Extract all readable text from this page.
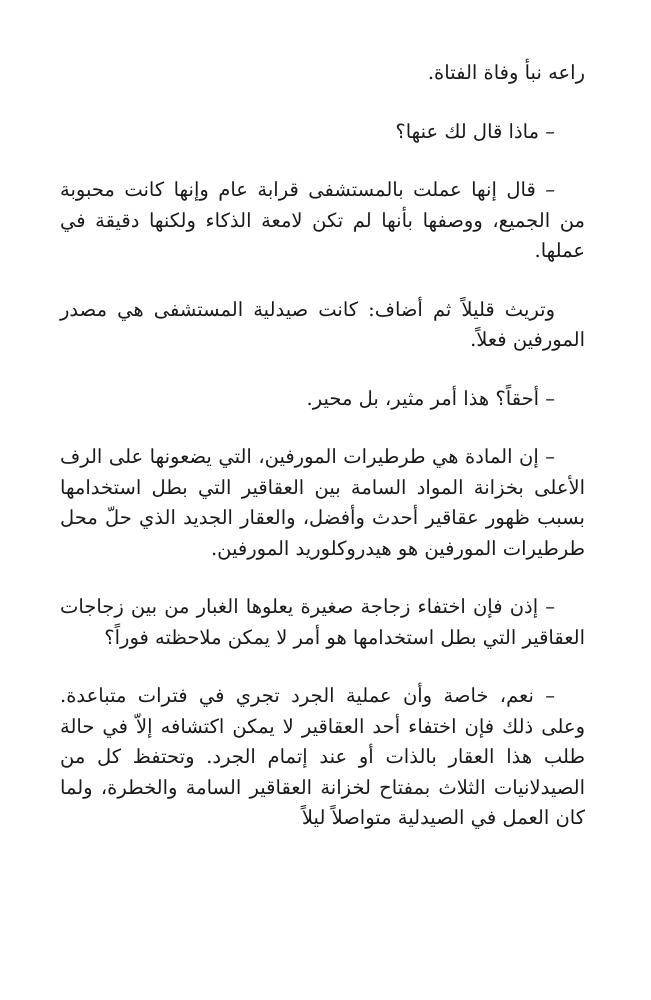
راعه نبأ وفاة الفتاة.

– ماذا قال لك عنها؟

– قال إنها عملت بالمستشفى قرابة عام وإنها كانت محبوبة من الجميع، ووصفها بأنها لم تكن لامعة الذكاء ولكنها دقيقة في عملها.

وتريث قليلاً ثم أضاف: كانت صيدلية المستشفى هي مصدر المورفين فعلاً.

– أحقاً؟ هذا أمر مثير، بل محير.

– إن المادة هي طرطيرات المورفين، التي يضعونها على الرف الأعلى بخزانة المواد السامة بين العقاقير التي بطل استخدامها بسبب ظهور عقاقير أحدث وأفضل، والعقار الجديد الذي حلّ محل طرطيرات المورفين هو هيدروكلوريد المورفين.

– إذن فإن اختفاء زجاجة صغيرة يعلوها الغبار من بين زجاجات العقاقير التي بطل استخدامها هو أمر لا يمكن ملاحظته فوراً؟

– نعم، خاصة وأن عملية الجرد تجري في فترات متباعدة. وعلى ذلك فإن اختفاء أحد العقاقير لا يمكن اكتشافه إلاّ في حالة طلب هذا العقار بالذات أو عند إتمام الجرد. وتحتفظ كل من الصيدلانيات الثلاث بمفتاح لخزانة العقاقير السامة والخطرة، ولما كان العمل في الصيدلية متواصلاً ليلاً
